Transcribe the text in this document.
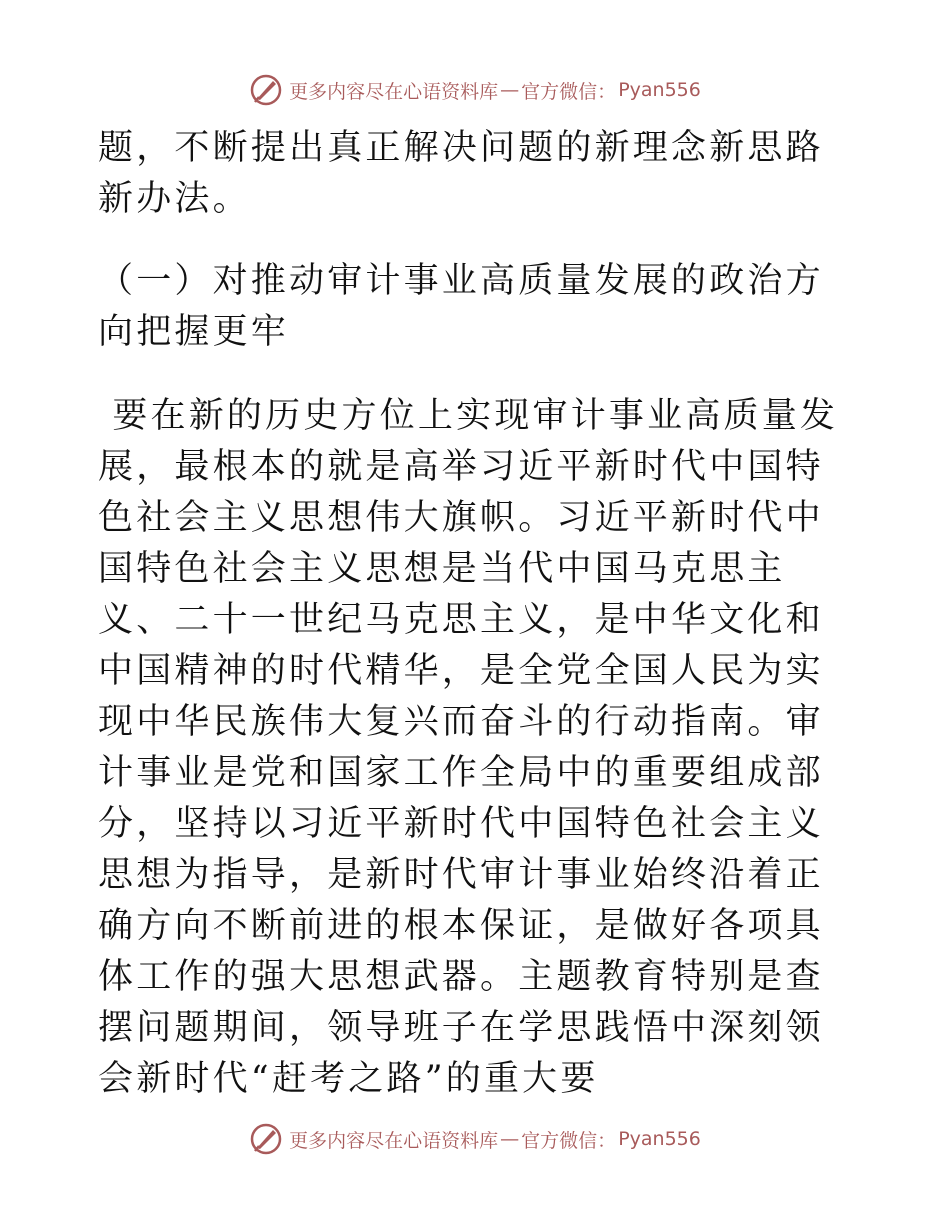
更多内容尽在心语资料库 — 官方微信： Pyan556

题，不断提出真正解决问题的新理念新思路新办法。

（一）对推动审计事业高质量发展的政治方向把握更牢

要在新的历史方位上实现审计事业高质量发展，最根本的就是高举习近平新时代中国特色社会主义思想伟大旗帜。习近平新时代中国特色社会主义思想是当代中国马克思主义、二十一世纪马克思主义，是中华文化和中国精神的时代精华，是全党全国人民为实现中华民族伟大复兴而奋斗的行动指南。审计事业是党和国家工作全局中的重要组成部分，坚持以习近平新时代中国特色社会主义思想为指导，是新时代审计事业始终沿着正确方向不断前进的根本保证，是做好各项具体工作的强大思想武器。主题教育特别是查摆问题期间，领导班子在学思践悟中深刻领会新时代“赶考之路”的重大要

更多内容尽在心语资料库 — 官方微信： Pyan556
